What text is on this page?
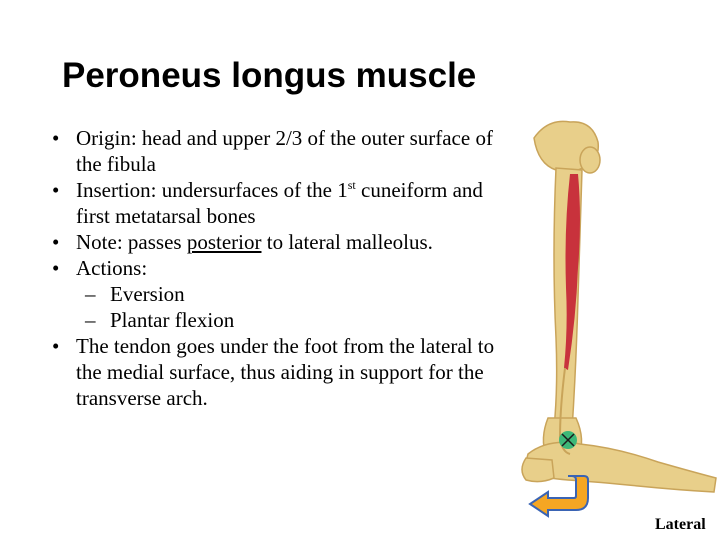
Peroneus longus muscle
• Origin: head and upper 2/3 of the outer surface of the fibula
• Insertion: undersurfaces of the 1st cuneiform and first metatarsal bones
• Note: passes posterior to lateral malleolus.
• Actions:
– Eversion
– Plantar flexion
• The tendon goes under the foot from the lateral to the medial surface, thus aiding in support for the transverse arch.
Lateral
